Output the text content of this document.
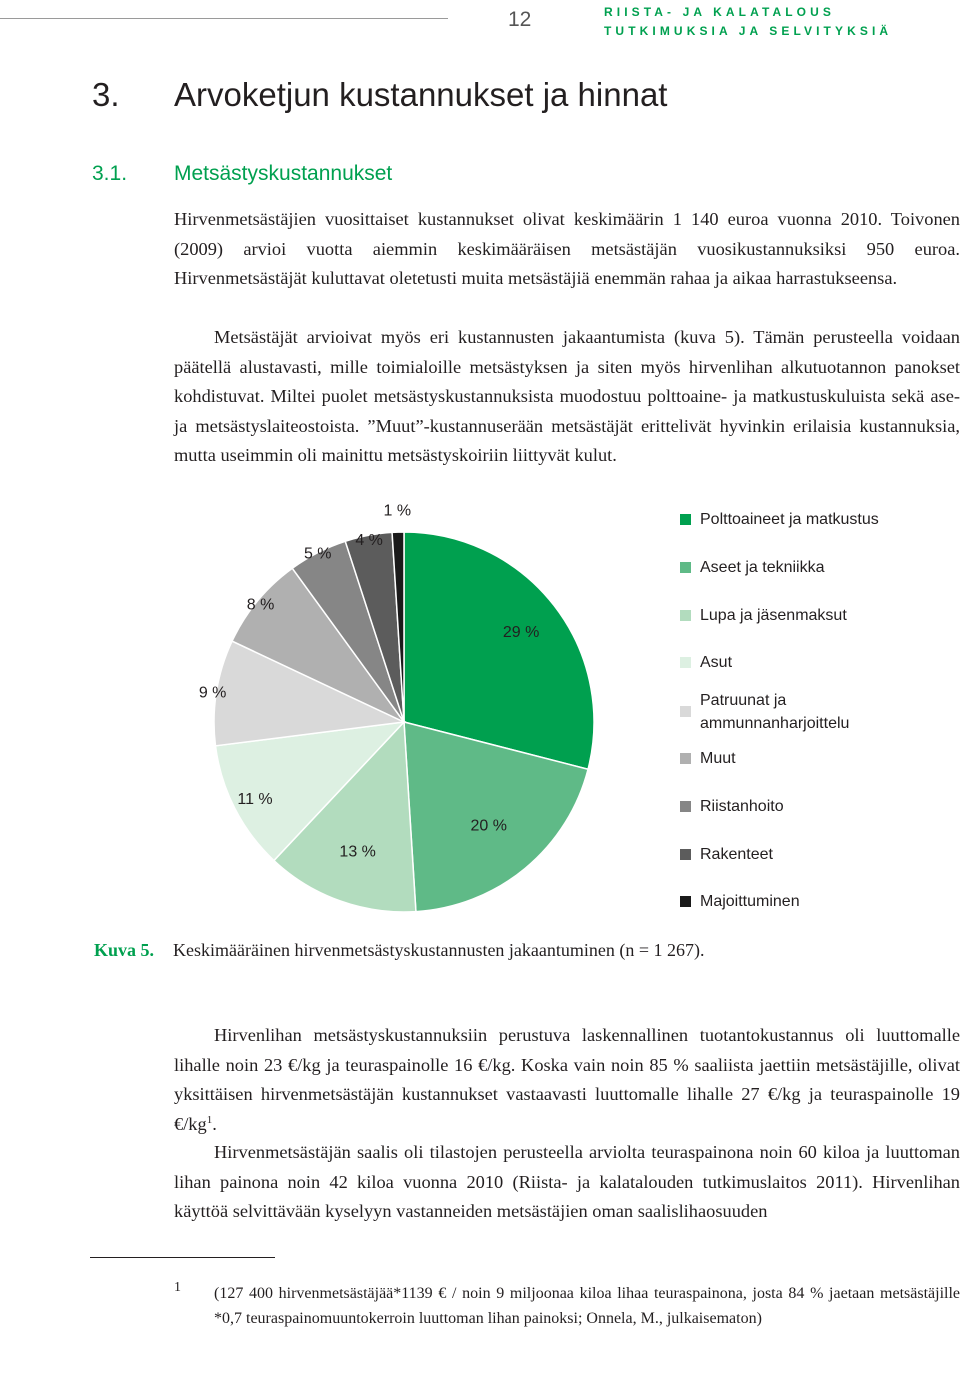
12	RIISTA- JA KALATALOUS
TUTKIMUKSIA JA SELVITYKSIÄ
3. Arvoketjun kustannukset ja hinnat
3.1. Metsästyskustannukset

Hirvenmetsästäjien vuosittaiset kustannukset olivat keskimäärin 1 140 euroa vuonna 2010. Toivonen (2009) arvioi vuotta aiemmin keskimääräisen metsästäjän vuosikustannuksiksi 950 euroa. Hirvenmetsästäjät kuluttavat oletetusti muita metsästäjiä enemmän rahaa ja aikaa harrastukseensa.

Metsästäjät arvioivat myös eri kustannusten jakaantumista (kuva 5). Tämän perusteella voidaan päätellä alustavasti, mille toimialoille metsästyksen ja siten myös hirvenlihan alkutuotannon panokset kohdistuvat. Miltei puolet metsästyskustannuksista muodostuu polttoaine- ja matkustuskuluista sekä ase- ja metsästyslaiteostoista. ”Muut”-kustannuserään metsästäjät erittelivät hyvinkin erilaisia kustannuksia, mutta useimmin oli mainittu metsästyskoiriin liittyvät kulut.

29 %
20 %
13 %
11 %
9 %
8 %
5 %
4 %
1 %
Polttoaineet ja matkustus
Aseet ja tekniikka
Lupa ja jäsenmaksut
Asut
Patruunat ja ammunnanharjoittelu
Muut
Riistanhoito
Rakenteet
Majoittuminen
Kuva 5. Keskimääräinen hirvenmetsästyskustannusten jakaantuminen (n = 1 267).

Hirvenlihan metsästyskustannuksiin perustuva laskennallinen tuotantokustannus oli luuttomalle lihalle noin 23 €/kg ja teuraspainolle 16 €/kg. Koska vain noin 85 % saaliista jaettiin metsästäjille, olivat yksittäisen hirvenmetsästäjän kustannukset vastaavasti luuttomalle lihalle 27 €/kg ja teuraspainolle 19 $€/kg^1$.

Hirvenmetsästäjän saalis oli tilastojen perusteella arviolta teuraspainona noin 60 kiloa ja luuttoman lihan painona noin 42 kiloa vuonna 2010 (Riista- ja kalatalouden tutkimuslaitos 2011). Hirvenlihan käyttöä selvittävään kyselyyn vastanneiden metsästäjien oman saalislihaosuuden

1 (127 400 hirvenmetsästäjää*1139 € / noin 9 miljoonaa kiloa lihaa teuraspainona, josta 84 % jaetaan metsästäjille *0,7 teuraspainomuuntokerroin luuttoman lihan painoksi; Onnela, M., julkaisematon)
